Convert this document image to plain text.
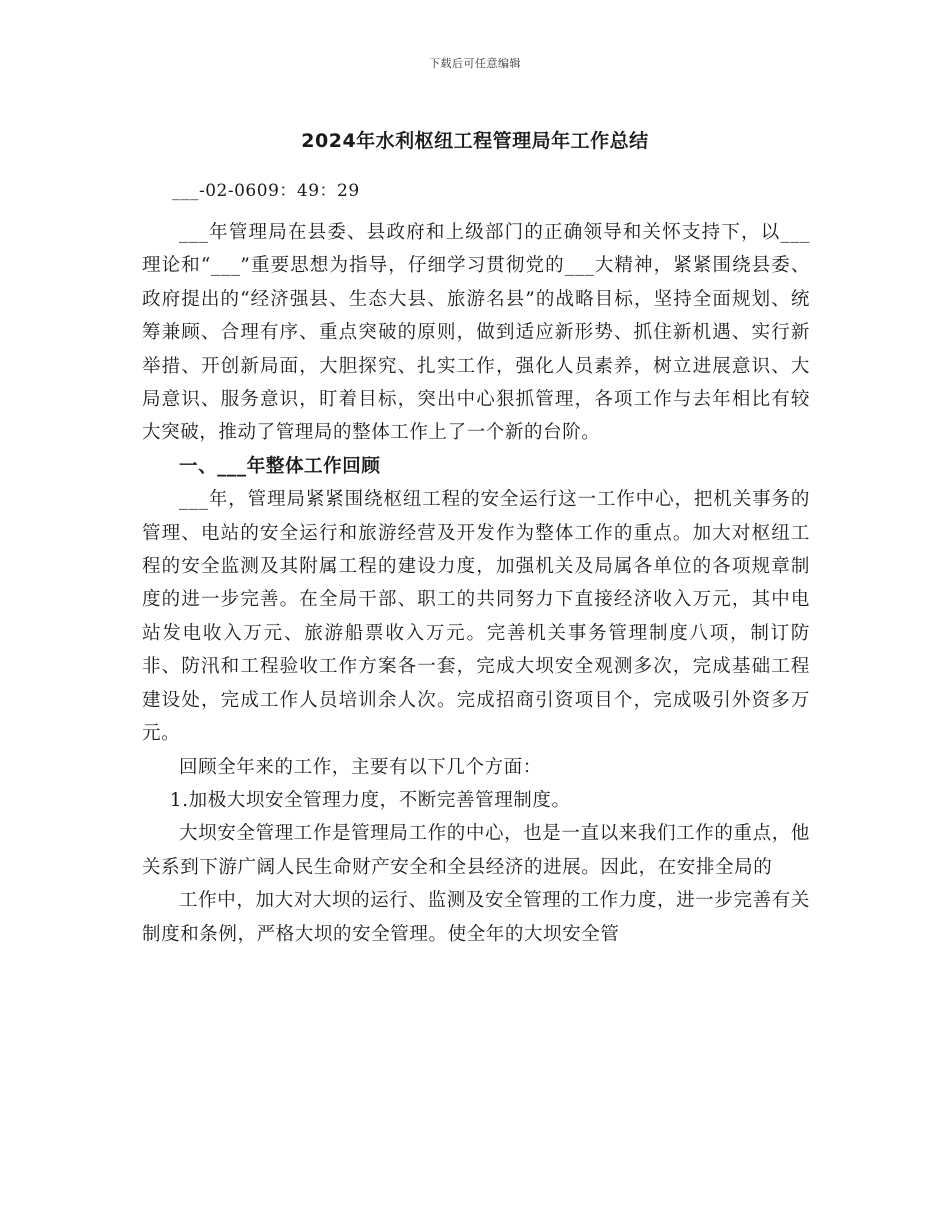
下载后可任意编辑
2024年水利枢纽工程管理局年工作总结
___-02-0609：49：29

___年管理局在县委、县政府和上级部门的正确领导和关怀支持下，以___理论和“___”重要思想为指导，仔细学习贯彻党的___大精神，紧紧围绕县委、政府提出的“经济强县、生态大县、旅游名县”的战略目标，坚持全面规划、统筹兼顾、合理有序、重点突破的原则，做到适应新形势、抓住新机遇、实行新举措、开创新局面，大胆探究、扎实工作，强化人员素养，树立进展意识、大局意识、服务意识，盯着目标，突出中心狠抓管理，各项工作与去年相比有较大突破，推动了管理局的整体工作上了一个新的台阶。

一、___年整体工作回顾

___年，管理局紧紧围绕枢纽工程的安全运行这一工作中心，把机关事务的管理、电站的安全运行和旅游经营及开发作为整体工作的重点。加大对枢纽工程的安全监测及其附属工程的建设力度，加强机关及局属各单位的各项规章制度的进一步完善。在全局干部、职工的共同努力下直接经济收入万元，其中电站发电收入万元、旅游船票收入万元。完善机关事务管理制度八项，制订防非、防汛和工程验收工作方案各一套，完成大坝安全观测多次，完成基础工程建设处，完成工作人员培训余人次。完成招商引资项目个，完成吸引外资多万元。

回顾全年来的工作，主要有以下几个方面：

1.加极大坝安全管理力度，不断完善管理制度。

大坝安全管理工作是管理局工作的中心，也是一直以来我们工作的重点，他关系到下游广阔人民生命财产安全和全县经济的进展。因此，在安排全局的

工作中，加大对大坝的运行、监测及安全管理的工作力度，进一步完善有关制度和条例，严格大坝的安全管理。使全年的大坝安全管
